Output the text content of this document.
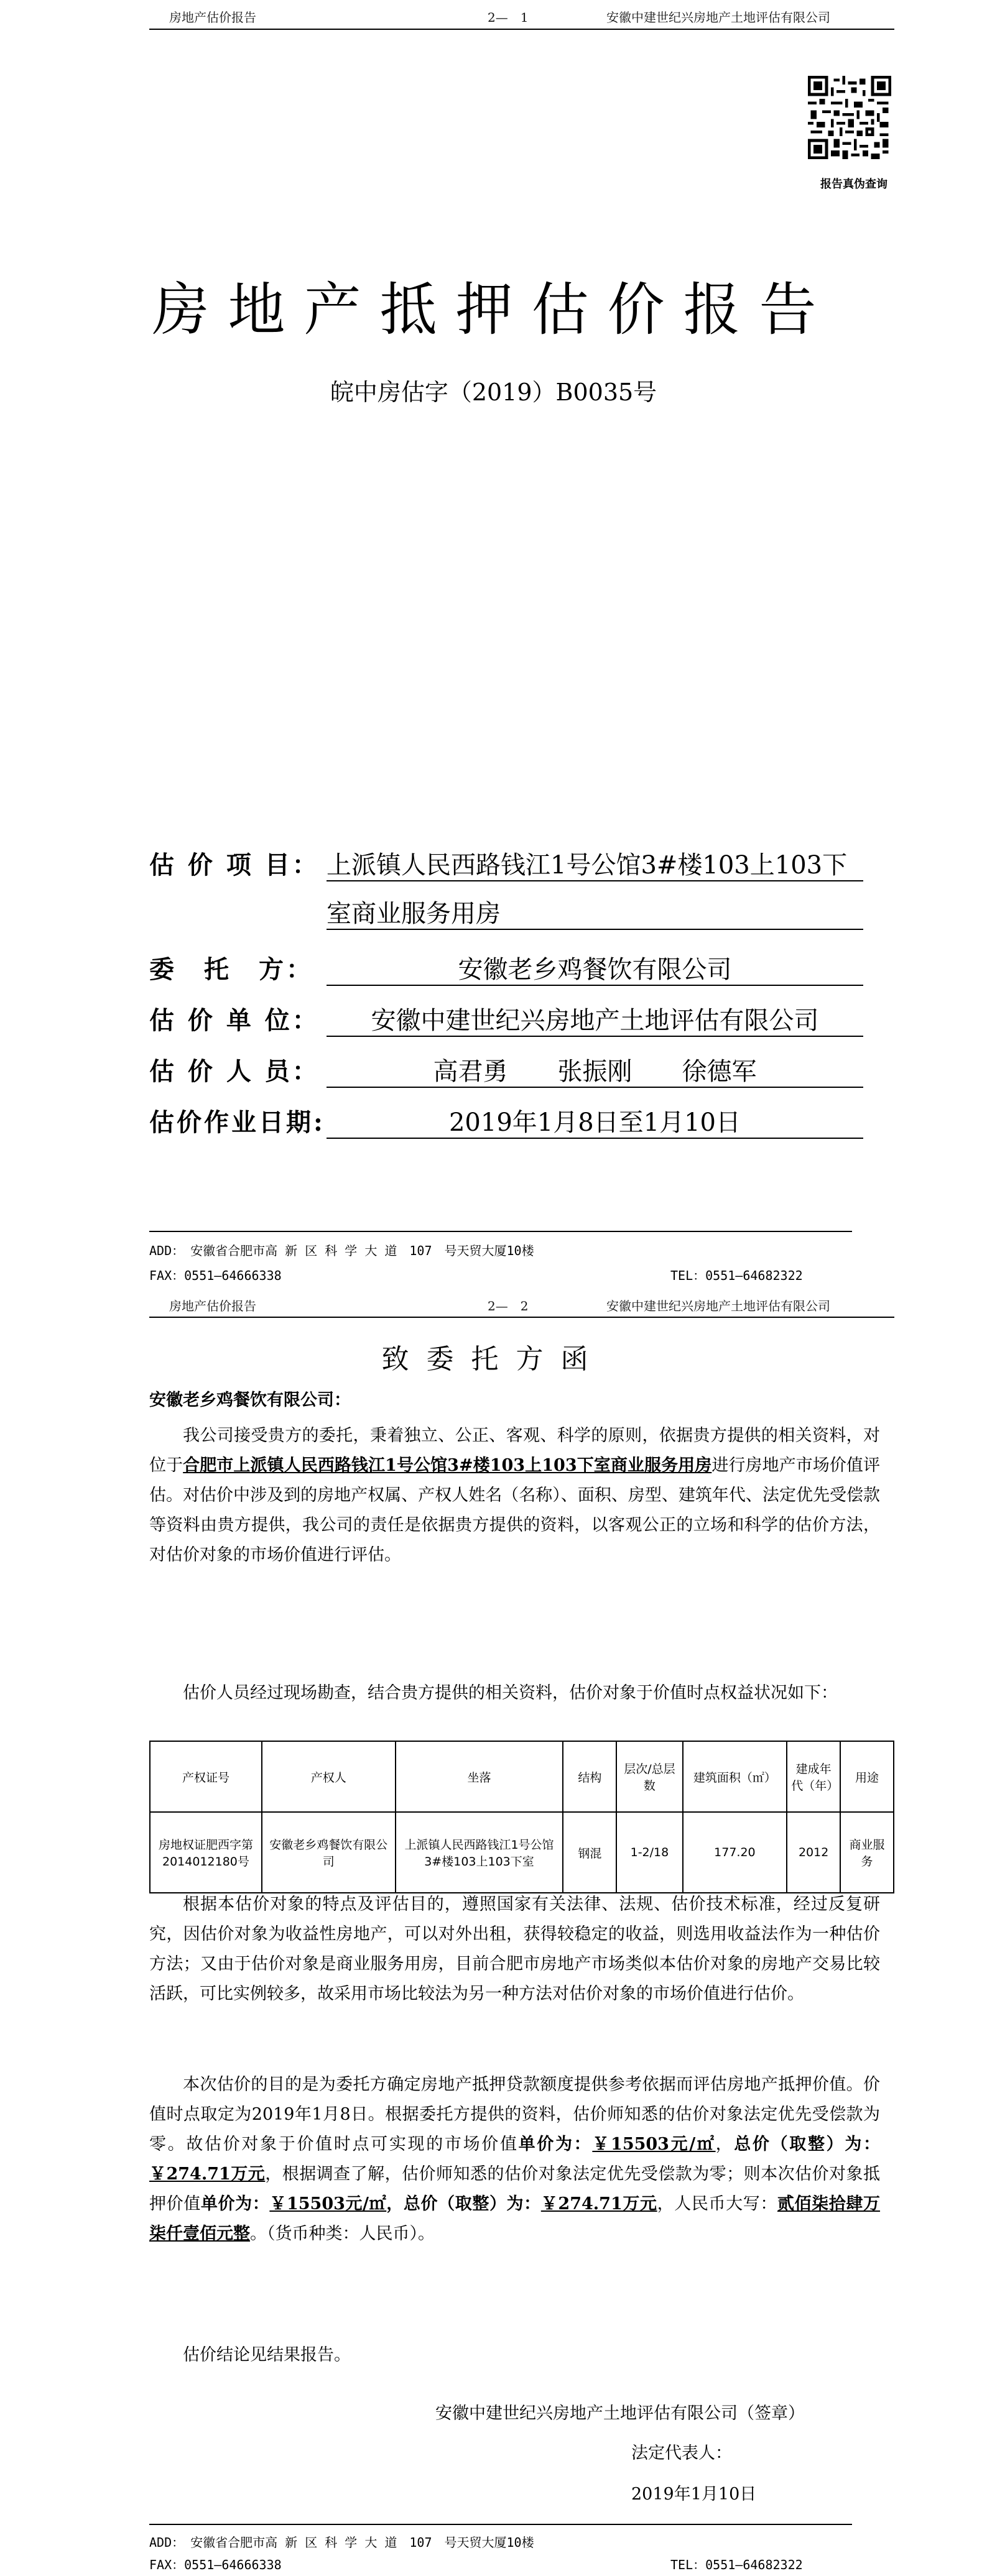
房地产估价报告	2—　1	安徽中建世纪兴房地产土地评估有限公司
报告真伪查询
房地产抵押估价报告
皖中房估字（2019）B0035号
估 价 项 目： 上派镇人民西路钱江1号公馆3#楼103上103下
室商业服务用房
委　托　方：	安徽老乡鸡餐饮有限公司
估 价 单 位：	安徽中建世纪兴房地产土地评估有限公司
估 价 人 员：	高君勇　　张振刚　　徐德军
估价作业日期:	2019年1月8日至1月10日
ADD：　安徽省合肥市高 新 区 科 学 大 道　107　号天贸大厦10楼
FAX：0551—64666338	TEL：0551—64682322
房地产估价报告	2—　2	安徽中建世纪兴房地产土地评估有限公司
致委托方函
安徽老乡鸡餐饮有限公司：

我公司接受贵方的委托，秉着独立、公正、客观、科学的原则，依据贵方提供的相关资料，对位于合肥市上派镇人民西路钱江1号公馆3#楼103上103下室商业服务用房进行房地产市场价值评估。对估价中涉及到的房地产权属、产权人姓名（名称）、面积、房型、建筑年代、法定优先受偿款等资料由贵方提供，我公司的责任是依据贵方提供的资料，以客观公正的立场和科学的估价方法，对估价对象的市场价值进行评估。

估价人员经过现场勘查，结合贵方提供的相关资料，估价对象于价值时点权益状况如下：

产权证号	产权人	坐落	结构	层次/总层数	建筑面积（㎡）	建成年代（年）	用途
房地权证肥西字第2014012180号	安徽老乡鸡餐饮有限公司	上派镇人民西路钱江1号公馆3#楼103上103下室	钢混	1-2/18	177.20	2012	商业服务

根据本估价对象的特点及评估目的，遵照国家有关法律、法规、估价技术标准，经过反复研究，因估价对象为收益性房地产，可以对外出租，获得较稳定的收益，则选用收益法作为一种估价方法；又由于估价对象是商业服务用房，目前合肥市房地产市场类似本估价对象的房地产交易比较活跃，可比实例较多，故采用市场比较法为另一种方法对估价对象的市场价值进行估价。

本次估价的目的是为委托方确定房地产抵押贷款额度提供参考依据而评估房地产抵押价值。价值时点取定为2019年1月8日。根据委托方提供的资料，估价师知悉的估价对象法定优先受偿款为零。故估价对象于价值时点可实现的市场价值单价为：￥15503元/㎡，总价（取整）为：￥274.71万元，根据调查了解，估价师知悉的估价对象法定优先受偿款为零；则本次估价对象抵押价值单价为：￥15503元/㎡，总价（取整）为：￥274.71万元，人民币大写：贰佰柒拾肆万柒仟壹佰元整。（货币种类：人民币）。

估价结论见结果报告。

安徽中建世纪兴房地产土地评估有限公司（签章）
法定代表人：
2019年1月10日
ADD：　安徽省合肥市高 新 区 科 学 大 道　107　号天贸大厦10楼
FAX：0551—64666338	TEL：0551—64682322
